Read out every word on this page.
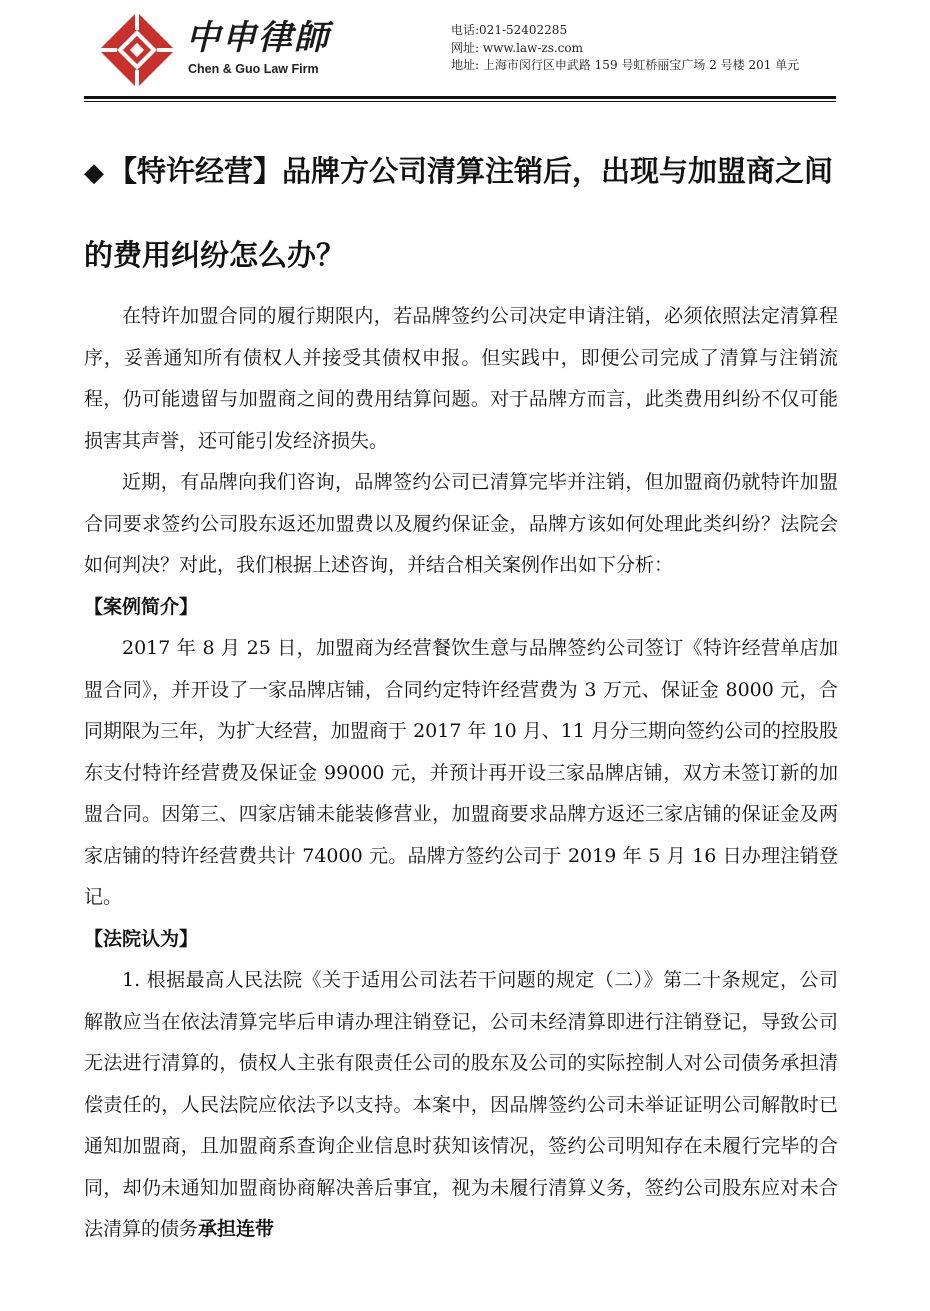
中申律師
Chen & Guo Law Firm
电话:021-52402285
网址: www.law-zs.com
地址: 上海市闵行区申武路 159 号虹桥丽宝广场 2 号楼 201 单元
◆ 【特许经营】品牌方公司清算注销后，出现与加盟商之间的费用纠纷怎么办？

在特许加盟合同的履行期限内，若品牌签约公司决定申请注销，必须依照法定清算程序，妥善通知所有债权人并接受其债权申报。但实践中，即便公司完成了清算与注销流程，仍可能遗留与加盟商之间的费用结算问题。对于品牌方而言，此类费用纠纷不仅可能损害其声誉，还可能引发经济损失。

近期，有品牌向我们咨询，品牌签约公司已清算完毕并注销，但加盟商仍就特许加盟合同要求签约公司股东返还加盟费以及履约保证金，品牌方该如何处理此类纠纷？法院会如何判决？对此，我们根据上述咨询，并结合相关案例作出如下分析：

【案例简介】

2017 年 8 月 25 日，加盟商为经营餐饮生意与品牌签约公司签订《特许经营单店加盟合同》，并开设了一家品牌店铺，合同约定特许经营费为 3 万元、保证金 8000 元，合同期限为三年，为扩大经营，加盟商于 2017 年 10 月、11 月分三期向签约公司的控股股东支付特许经营费及保证金 99000 元，并预计再开设三家品牌店铺，双方未签订新的加盟合同。因第三、四家店铺未能装修营业，加盟商要求品牌方返还三家店铺的保证金及两家店铺的特许经营费共计 74000 元。品牌方签约公司于 2019 年 5 月 16 日办理注销登记。

【法院认为】

1. 根据最高人民法院《关于适用公司法若干问题的规定（二）》第二十条规定，公司解散应当在依法清算完毕后申请办理注销登记，公司未经清算即进行注销登记，导致公司无法进行清算的，债权人主张有限责任公司的股东及公司的实际控制人对公司债务承担清偿责任的，人民法院应依法予以支持。本案中，因品牌签约公司未举证证明公司解散时已通知加盟商，且加盟商系查询企业信息时获知该情况，签约公司明知存在未履行完毕的合同，却仍未通知加盟商协商解决善后事宜，视为未履行清算义务，签约公司股东应对未合法清算的债务承担连带
